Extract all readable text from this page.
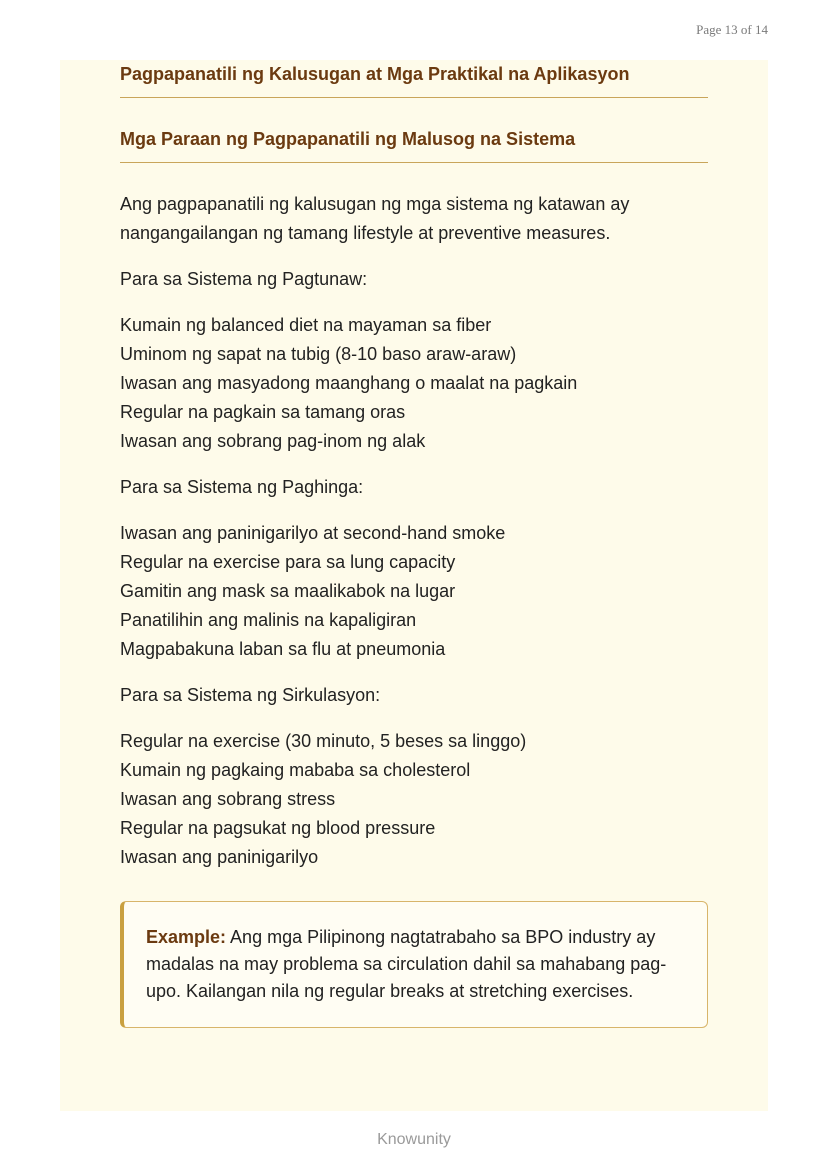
Page 13 of 14
Pagpapanatili ng Kalusugan at Mga Praktikal na Aplikasyon
Mga Paraan ng Pagpapanatili ng Malusog na Sistema
Ang pagpapanatili ng kalusugan ng mga sistema ng katawan ay nangangailangan ng tamang lifestyle at preventive measures.
Para sa Sistema ng Pagtunaw:
Kumain ng balanced diet na mayaman sa fiber
Uminom ng sapat na tubig (8-10 baso araw-araw)
Iwasan ang masyadong maanghang o maalat na pagkain
Regular na pagkain sa tamang oras
Iwasan ang sobrang pag-inom ng alak
Para sa Sistema ng Paghinga:
Iwasan ang paninigarilyo at second-hand smoke
Regular na exercise para sa lung capacity
Gamitin ang mask sa maalikabok na lugar
Panatilihin ang malinis na kapaligiran
Magpabakuna laban sa flu at pneumonia
Para sa Sistema ng Sirkulasyon:
Regular na exercise (30 minuto, 5 beses sa linggo)
Kumain ng pagkaing mababa sa cholesterol
Iwasan ang sobrang stress
Regular na pagsukat ng blood pressure
Iwasan ang paninigarilyo
Example: Ang mga Pilipinong nagtatrabaho sa BPO industry ay madalas na may problema sa circulation dahil sa mahabang pag-upo. Kailangan nila ng regular breaks at stretching exercises.
Knowunity
